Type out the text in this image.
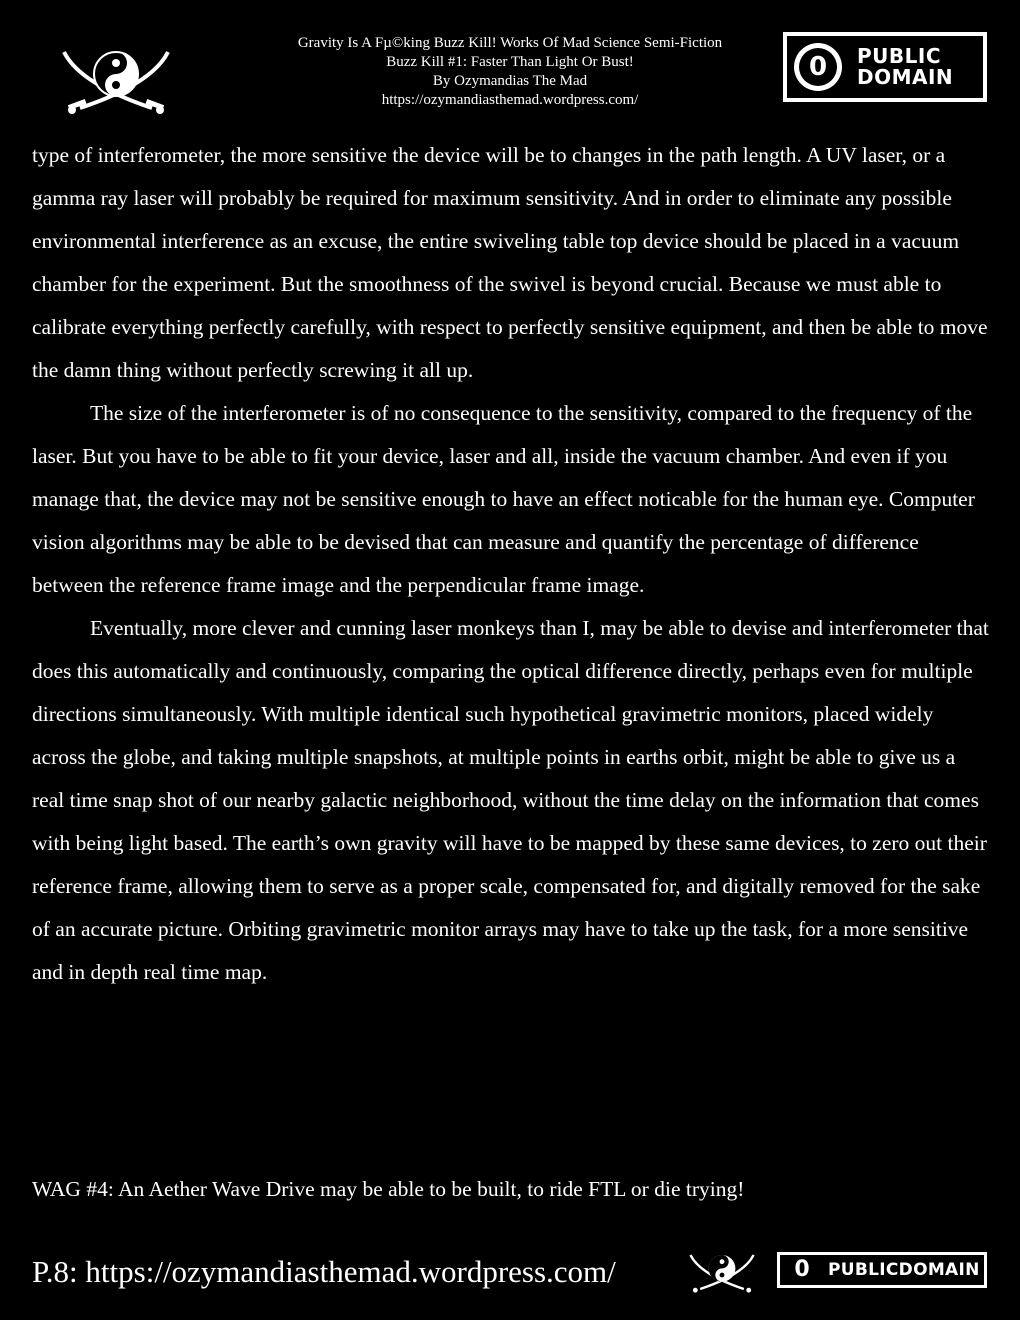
Gravity Is A Fµ©king Buzz Kill! Works Of Mad Science Semi-Fiction
Buzz Kill #1: Faster Than Light Or Bust!
By Ozymandias The Mad
https://ozymandiasthemad.wordpress.com/
0	PUBLIC
DOMAIN

type of interferometer, the more sensitive the device will be to changes in the path length. A UV laser, or a gamma ray laser will probably be required for maximum sensitivity. And in order to eliminate any possible environmental interference as an excuse, the entire swiveling table top device should be placed in a vacuum chamber for the experiment. But the smoothness of the swivel is beyond crucial. Because we must able to calibrate everything perfectly carefully, with respect to perfectly sensitive equipment, and then be able to move the damn thing without perfectly screwing it all up.

The size of the interferometer is of no consequence to the sensitivity, compared to the frequency of the laser. But you have to be able to fit your device, laser and all, inside the vacuum chamber. And even if you manage that, the device may not be sensitive enough to have an effect noticable for the human eye. Computer vision algorithms may be able to be devised that can measure and quantify the percentage of difference between the reference frame image and the perpendicular frame image.

Eventually, more clever and cunning laser monkeys than I, may be able to devise and interferometer that does this automatically and continuously, comparing the optical difference directly, perhaps even for multiple directions simultaneously. With multiple identical such hypothetical gravimetric monitors, placed widely across the globe, and taking multiple snapshots, at multiple points in earths orbit, might be able to give us a real time snap shot of our nearby galactic neighborhood, without the time delay on the information that comes with being light based. The earth’s own gravity will have to be mapped by these same devices, to zero out their reference frame, allowing them to serve as a proper scale, compensated for, and digitally removed for the sake of an accurate picture. Orbiting gravimetric monitor arrays may have to take up the task, for a more sensitive and in depth real time map.

WAG #4: An Aether Wave Drive may be able to be built, to ride FTL or die trying!
P.8: https://ozymandiasthemad.wordpress.com/	0	PUBLICDOMAIN
